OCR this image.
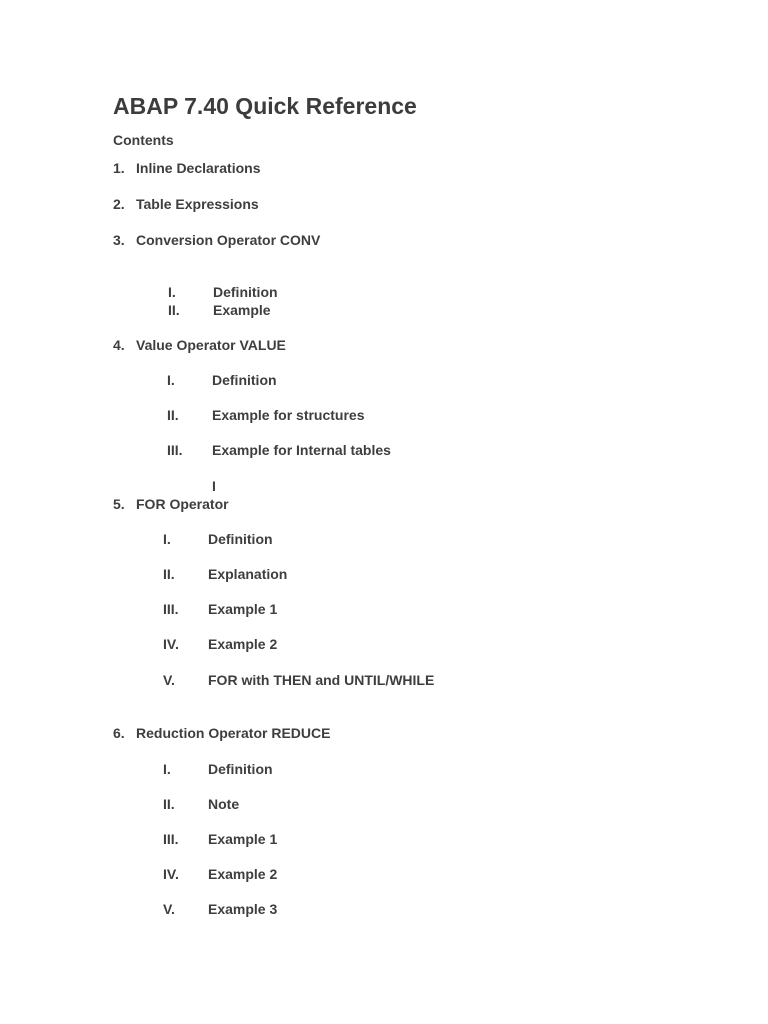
ABAP 7.40 Quick Reference
Contents
1. Inline Declarations
2. Table Expressions
3. Conversion Operator CONV
I.	Definition
II. Example
4. Value Operator VALUE
I.	Definition
II. Example for structures
III. Example for Internal tables
I
5. FOR Operator
I.	Definition
II. Explanation
III. Example 1
IV. Example 2
V. FOR with THEN and UNTIL/WHILE
6. Reduction Operator REDUCE
I.	Definition
II. Note
III. Example 1
IV. Example 2
V. Example 3
